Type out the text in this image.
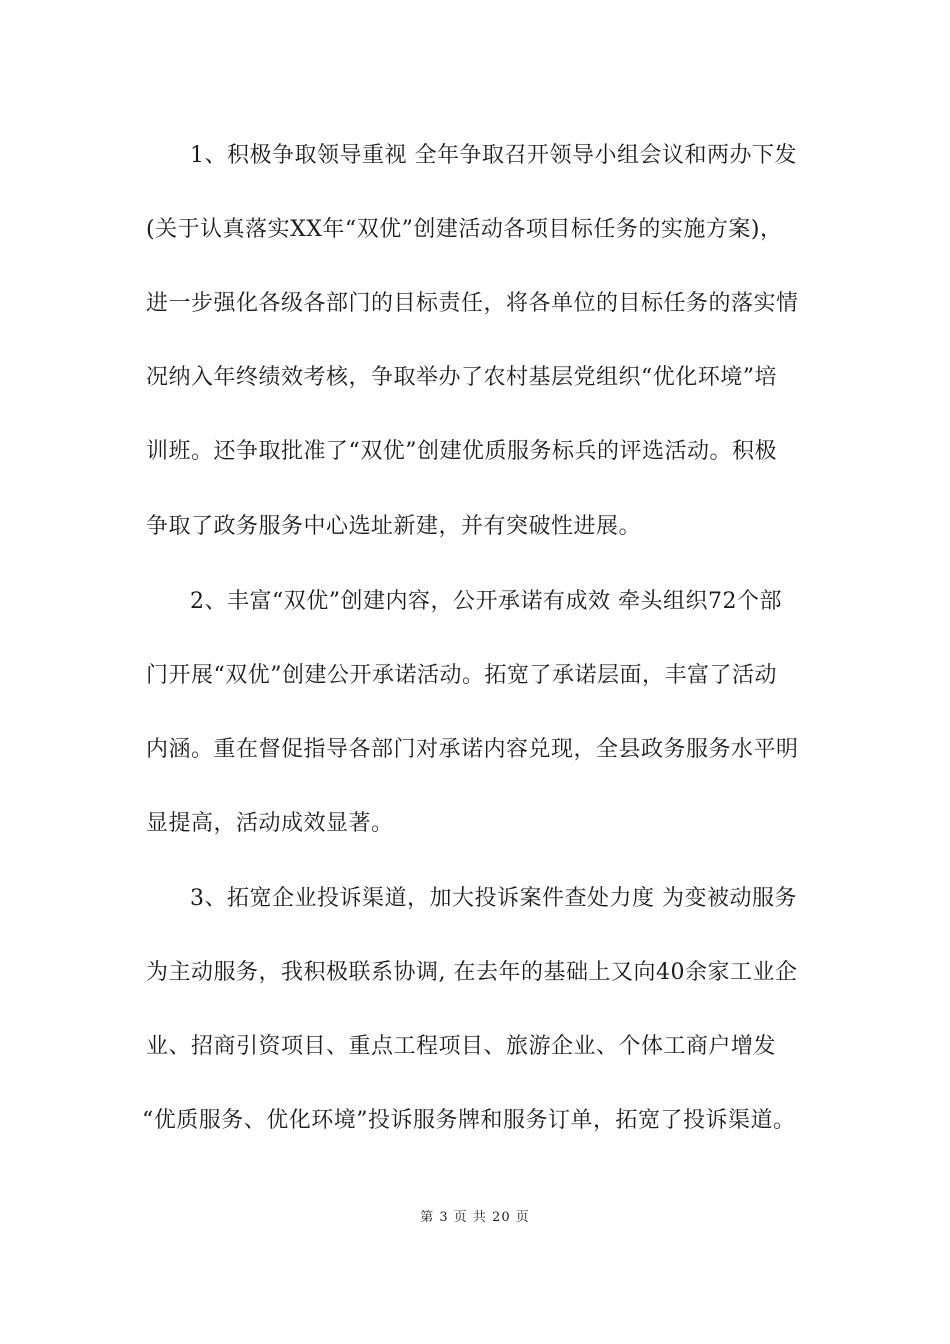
1、积极争取领导重视 全年争取召开领导小组会议和两办下发
(关于认真落实XX年“双优”创建活动各项目标任务的实施方案)，
进一步强化各级各部门的目标责任，将各单位的目标任务的落实情
况纳入年终绩效考核，争取举办了农村基层党组织“优化环境”培
训班。还争取批准了“双优”创建优质服务标兵的评选活动。积极
争取了政务服务中心选址新建，并有突破性进展。
2、丰富“双优”创建内容，公开承诺有成效 牵头组织72个部
门开展“双优”创建公开承诺活动。拓宽了承诺层面，丰富了活动
内涵。重在督促指导各部门对承诺内容兑现，全县政务服务水平明
显提高，活动成效显著。
3、拓宽企业投诉渠道，加大投诉案件查处力度 为变被动服务
为主动服务，我积极联系协调, 在去年的基础上又向40余家工业企
业、招商引资项目、重点工程项目、旅游企业、个体工商户增发
“优质服务、优化环境”投诉服务牌和服务订单，拓宽了投诉渠道。
第 3 页 共 20 页
